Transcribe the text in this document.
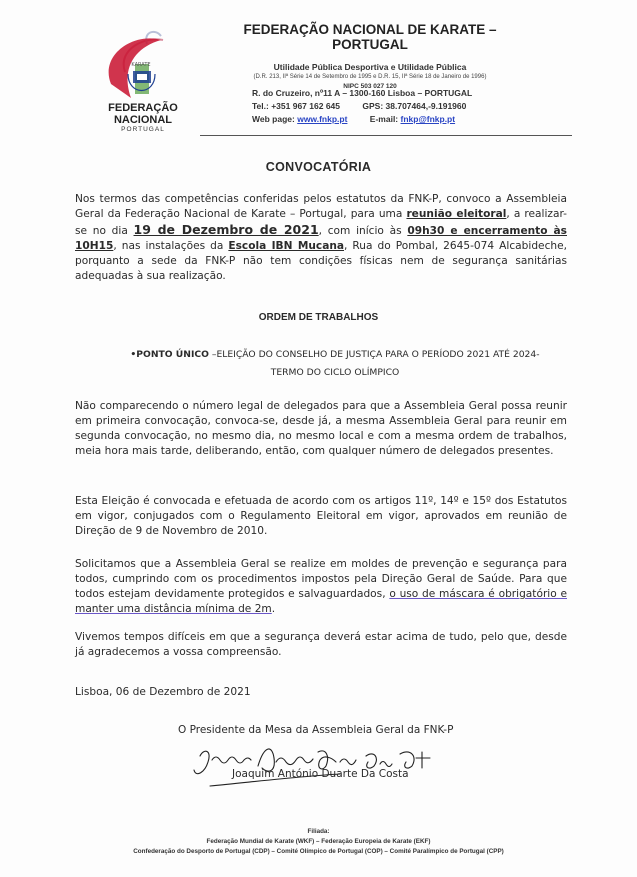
KARATE
FEDERAÇÃO NACIONAL
PORTUGAL
FEDERAÇÃO NACIONAL DE KARATE – PORTUGAL
Utilidade Pública Desportiva e Utilidade Pública
(D.R. 213, IIª Série 14 de Setembro de 1995 e D.R. 15, IIª Série 18 de Janeiro de 1996)
NIPC 503 027 120
R. do Cruzeiro, nº11 A – 1300-160 Lisboa – PORTUGAL
Tel.: +351 967 162 645	GPS: 38.707464,-9.191960
Web page: www.fnkp.pt	E-mail: fnkp@fnkp.pt
CONVOCATÓRIA
Nos termos das competências conferidas pelos estatutos da FNK-P, convoco a Assembleia Geral da Federação Nacional de Karate – Portugal, para uma reunião eleitoral, a realizar-se no dia 19 de Dezembro de 2021, com início às 09h30 e encerramento às 10H15, nas instalações da Escola IBN Mucana, Rua do Pombal, 2645-074 Alcabideche, porquanto a sede da FNK-P não tem condições físicas nem de segurança sanitárias adequadas à sua realização.
ORDEM DE TRABALHOS
•PONTO ÚNICO –ELEIÇÃO DO CONSELHO DE JUSTIÇA PARA O PERÍODO 2021 ATÉ 2024-
TERMO DO CICLO OLÍMPICO
Não comparecendo o número legal de delegados para que a Assembleia Geral possa reunir em primeira convocação, convoca-se, desde já, a mesma Assembleia Geral para reunir em segunda convocação, no mesmo dia, no mesmo local e com a mesma ordem de trabalhos, meia hora mais tarde, deliberando, então, com qualquer número de delegados presentes.
Esta Eleição é convocada e efetuada de acordo com os artigos 11º, 14º e 15º dos Estatutos em vigor, conjugados com o Regulamento Eleitoral em vigor, aprovados em reunião de Direção de 9 de Novembro de 2010.
Solicitamos que a Assembleia Geral se realize em moldes de prevenção e segurança para todos, cumprindo com os procedimentos impostos pela Direção Geral de Saúde. Para que todos estejam devidamente protegidos e salvaguardados, o uso de máscara é obrigatório e manter uma distância mínima de 2m.
Vivemos tempos difíceis em que a segurança deverá estar acima de tudo, pelo que, desde já agradecemos a vossa compreensão.
Lisboa, 06 de Dezembro de 2021
O Presidente da Mesa da Assembleia Geral da FNK-P
Joaquim António Duarte Da Costa
Filiada:
Federação Mundial de Karate (WKF) – Federação Europeia de Karate (EKF)
Confederação do Desporto de Portugal (CDP) – Comité Olímpico de Portugal (COP) – Comité Paralímpico de Portugal (CPP)
